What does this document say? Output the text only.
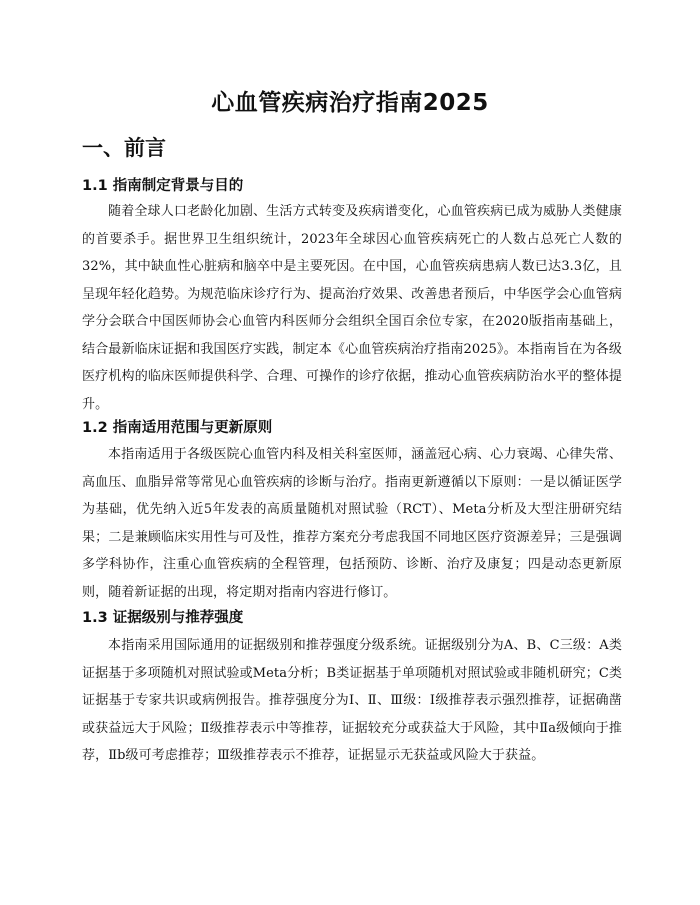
心血管疾病治疗指南2025
一、前言
1.1 指南制定背景与目的

随着全球人口老龄化加剧、生活方式转变及疾病谱变化，心血管疾病已成为威胁人类健康的首要杀手。据世界卫生组织统计，2023年全球因心血管疾病死亡的人数占总死亡人数的32%，其中缺血性心脏病和脑卒中是主要死因。在中国，心血管疾病患病人数已达3.3亿，且呈现年轻化趋势。为规范临床诊疗行为、提高治疗效果、改善患者预后，中华医学会心血管病学分会联合中国医师协会心血管内科医师分会组织全国百余位专家，在2020版指南基础上，结合最新临床证据和我国医疗实践，制定本《心血管疾病治疗指南2025》。本指南旨在为各级医疗机构的临床医师提供科学、合理、可操作的诊疗依据，推动心血管疾病防治水平的整体提升。

1.2 指南适用范围与更新原则

本指南适用于各级医院心血管内科及相关科室医师，涵盖冠心病、心力衰竭、心律失常、高血压、血脂异常等常见心血管疾病的诊断与治疗。指南更新遵循以下原则：一是以循证医学为基础，优先纳入近5年发表的高质量随机对照试验（RCT）、Meta分析及大型注册研究结果；二是兼顾临床实用性与可及性，推荐方案充分考虑我国不同地区医疗资源差异；三是强调多学科协作，注重心血管疾病的全程管理，包括预防、诊断、治疗及康复；四是动态更新原则，随着新证据的出现，将定期对指南内容进行修订。

1.3 证据级别与推荐强度

本指南采用国际通用的证据级别和推荐强度分级系统。证据级别分为A、B、C三级：A类证据基于多项随机对照试验或Meta分析；B类证据基于单项随机对照试验或非随机研究；C类证据基于专家共识或病例报告。推荐强度分为Ⅰ、Ⅱ、Ⅲ级：Ⅰ级推荐表示强烈推荐，证据确凿或获益远大于风险；Ⅱ级推荐表示中等推荐，证据较充分或获益大于风险，其中Ⅱa级倾向于推荐，Ⅱb级可考虑推荐；Ⅲ级推荐表示不推荐，证据显示无获益或风险大于获益。
